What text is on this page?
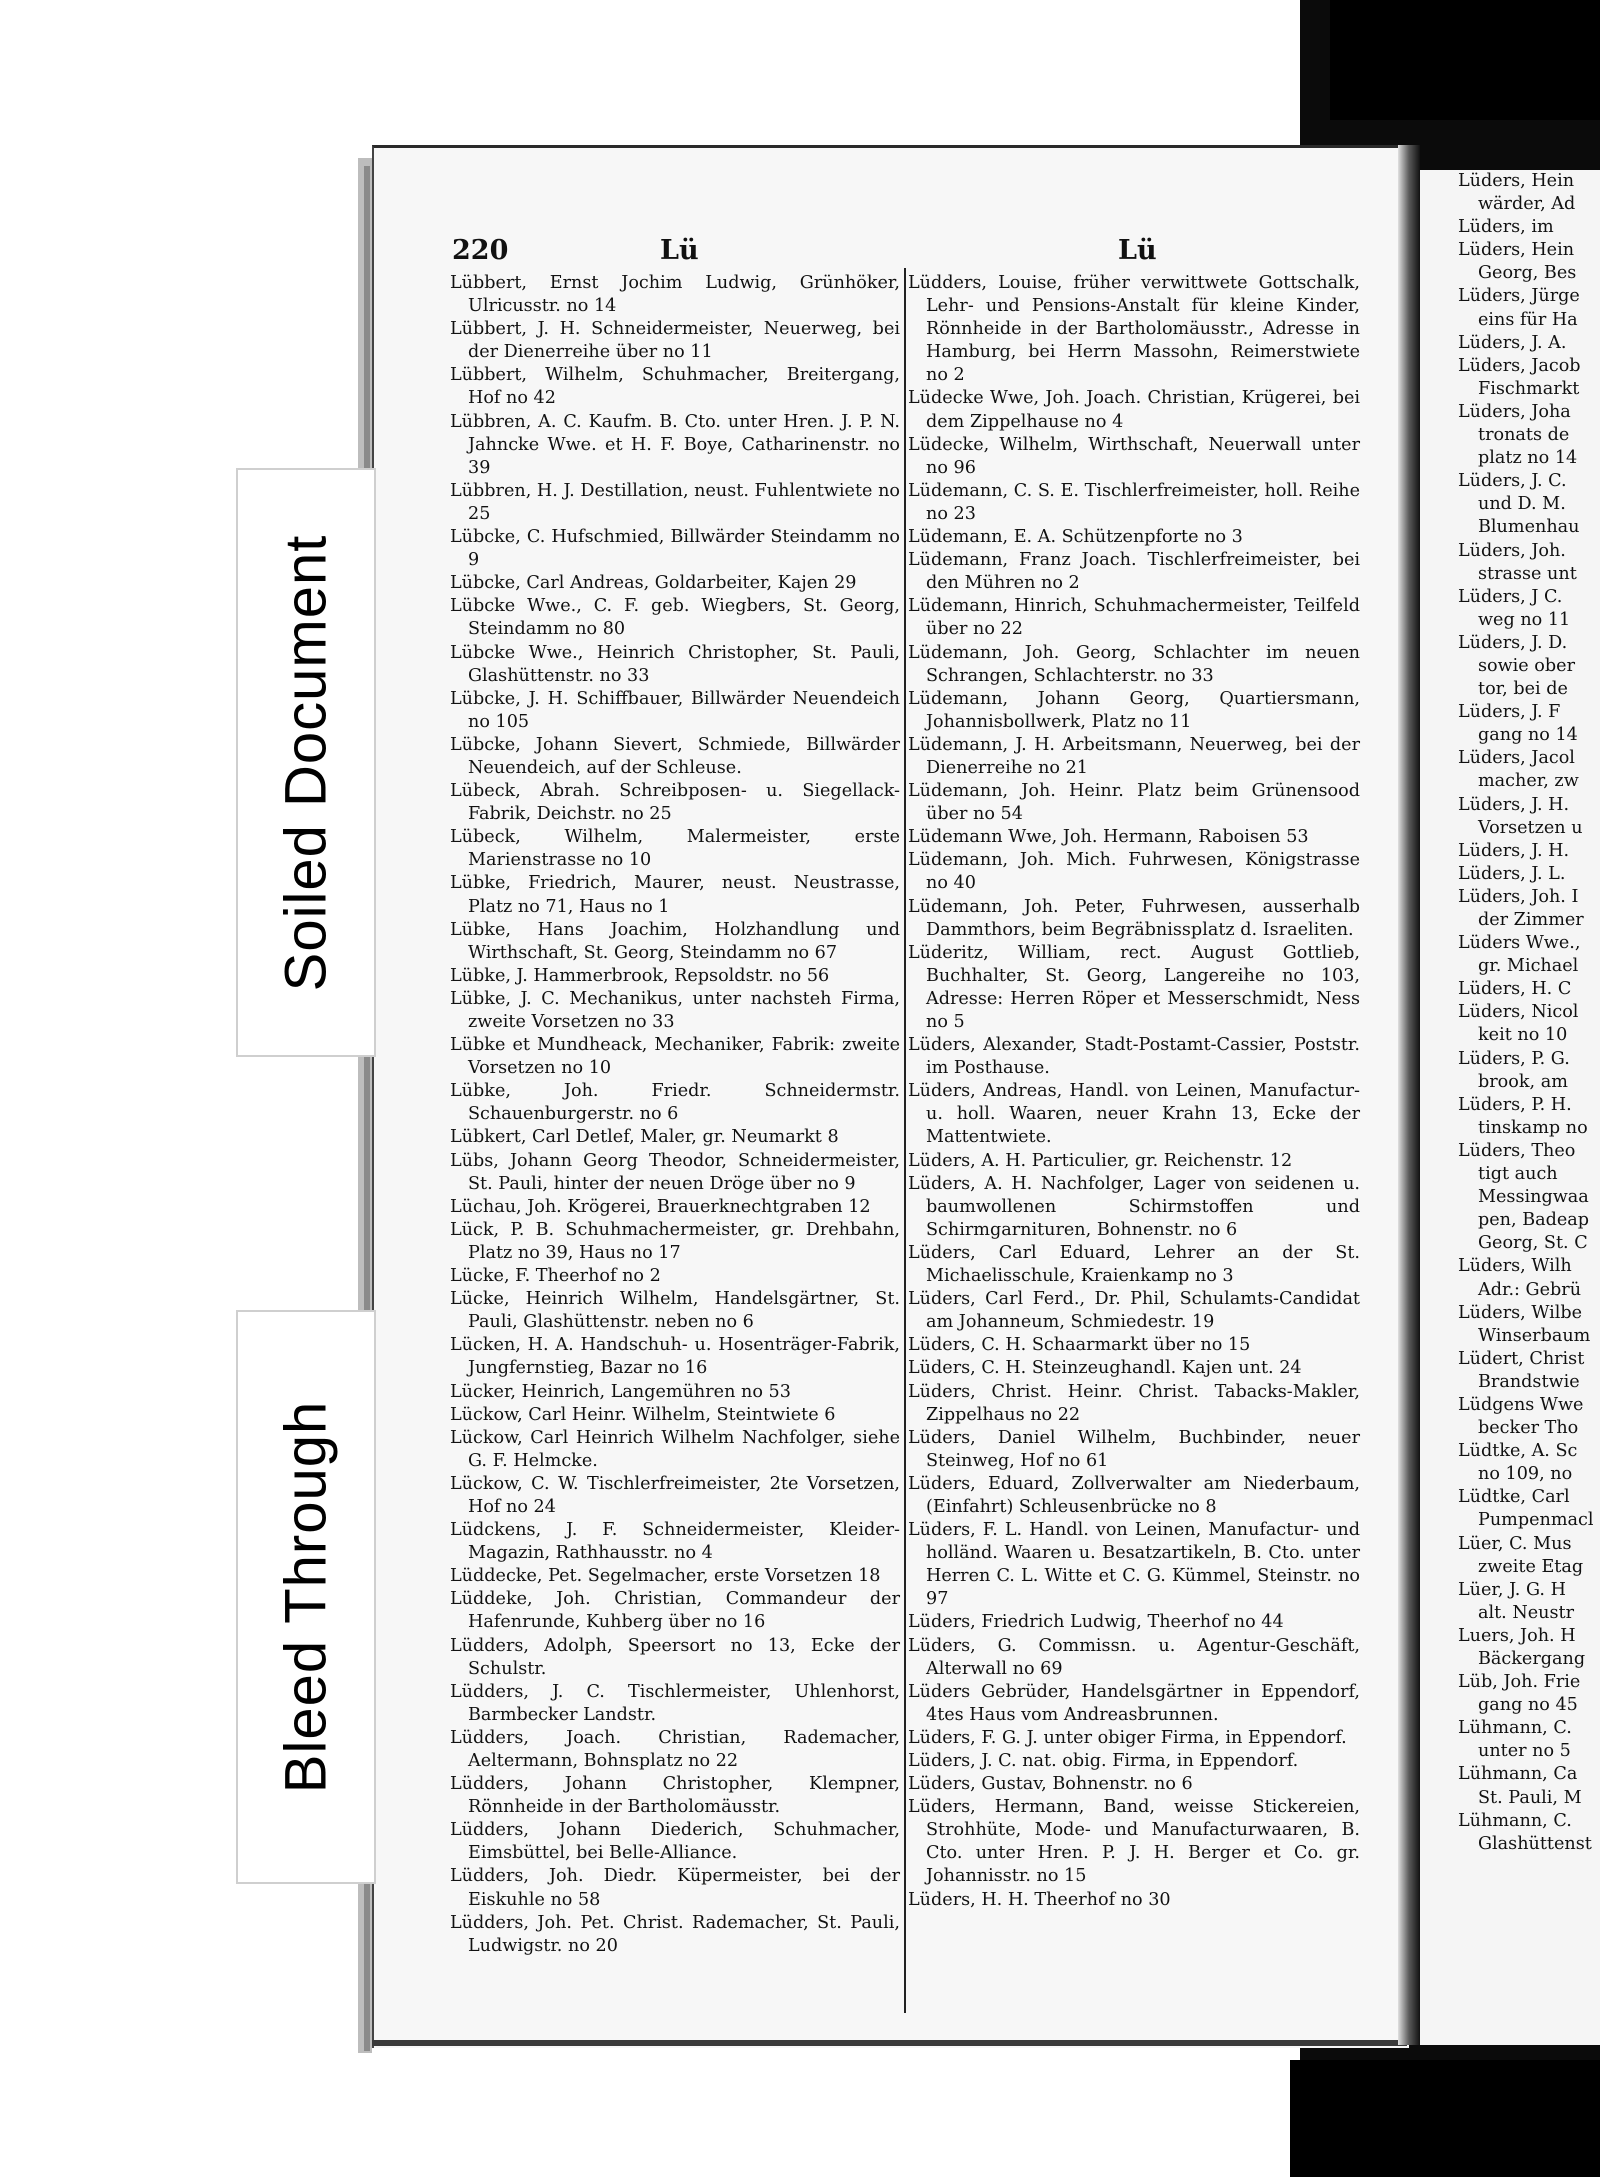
Lüders, Hein
wärder, Ad
Lüders, im
Lüders, Hein
Georg, Bes
Lüders, Jürge
eins für Ha
Lüders, J. A.
Lüders, Jacob
Fischmarkt
Lüders, Joha
tronats de
platz no 14
Lüders, J. C.
und D. M.
Blumenhau
Lüders, Joh.
strasse unt
Lüders, J C.
weg no 11
Lüders, J. D.
sowie ober
tor, bei de
Lüders, J. F
gang no 14
Lüders, Jacol
macher, zw
Lüders, J. H.
Vorsetzen u
Lüders, J. H.
Lüders, J. L.
Lüders, Joh. I
der Zimmer
Lüders Wwe.,
gr. Michael
Lüders, H. C
Lüders, Nicol
keit no 10
Lüders, P. G.
brook, am
Lüders, P. H.
tinskamp no
Lüders, Theo
tigt auch
Messingwaa
pen, Badeap
Georg, St. C
Lüders, Wilh
Adr.: Gebrü
Lüders, Wilbe
Winserbaum
Lüdert, Christ
Brandstwie
Lüdgens Wwe
becker Tho
Lüdtke, A. Sc
no 109, no
Lüdtke, Carl
Pumpenmacl
Lüer, C. Mus
zweite Etag
Lüer, J. G. H
alt. Neustr
Luers, Joh. H
Bäckergang
Lüb, Joh. Frie
gang no 45
Lühmann, C.
unter no 5
Lühmann, Ca
St. Pauli, M
Lühmann, C.
Glashüttenst
220	Lü	Lü
Lübbert, Ernst Jochim Ludwig, Grünhöker, Ulricusstr. no 14
Lübbert, J. H. Schneidermeister, Neuerweg, bei der Dienerreihe über no 11
Lübbert, Wilhelm, Schuhmacher, Breitergang, Hof no 42
Lübbren, A. C. Kaufm. B. Cto. unter Hren. J. P. N. Jahncke Wwe. et H. F. Boye, Catharinenstr. no 39
Lübbren, H. J. Destillation, neust. Fuhlentwiete no 25
Lübcke, C. Hufschmied, Billwärder Steindamm no 9
Lübcke, Carl Andreas, Goldarbeiter, Kajen 29
Lübcke Wwe., C. F. geb. Wiegbers, St. Georg, Steindamm no 80
Lübcke Wwe., Heinrich Christopher, St. Pauli, Glashüttenstr. no 33
Lübcke, J. H. Schiffbauer, Billwärder Neuendeich no 105
Lübcke, Johann Sievert, Schmiede, Billwärder Neuendeich, auf der Schleuse.
Lübeck, Abrah. Schreibposen- u. Siegellack-Fabrik, Deichstr. no 25
Lübeck, Wilhelm, Malermeister, erste Marienstrasse no 10
Lübke, Friedrich, Maurer, neust. Neustrasse, Platz no 71, Haus no 1
Lübke, Hans Joachim, Holzhandlung und Wirthschaft, St. Georg, Steindamm no 67
Lübke, J. Hammerbrook, Repsoldstr. no 56
Lübke, J. C. Mechanikus, unter nachsteh Firma, zweite Vorsetzen no 33
Lübke et Mundheack, Mechaniker, Fabrik: zweite Vorsetzen no 10
Lübke, Joh. Friedr. Schneidermstr. Schauenburgerstr. no 6
Lübkert, Carl Detlef, Maler, gr. Neumarkt 8
Lübs, Johann Georg Theodor, Schneidermeister, St. Pauli, hinter der neuen Dröge über no 9
Lüchau, Joh. Krögerei, Brauerknechtgraben 12
Lück, P. B. Schuhmachermeister, gr. Drehbahn, Platz no 39, Haus no 17
Lücke, F. Theerhof no 2
Lücke, Heinrich Wilhelm, Handelsgärtner, St. Pauli, Glashüttenstr. neben no 6
Lücken, H. A. Handschuh- u. Hosenträger-Fabrik, Jungfernstieg, Bazar no 16
Lücker, Heinrich, Langemühren no 53
Lückow, Carl Heinr. Wilhelm, Steintwiete 6
Lückow, Carl Heinrich Wilhelm Nachfolger, siehe G. F. Helmcke.
Lückow, C. W. Tischlerfreimeister, 2te Vorsetzen, Hof no 24
Lüdckens, J. F. Schneidermeister, Kleider-Magazin, Rathhausstr. no 4
Lüddecke, Pet. Segelmacher, erste Vorsetzen 18
Lüddeke, Joh. Christian, Commandeur der Hafenrunde, Kuhberg über no 16
Lüdders, Adolph, Speersort no 13, Ecke der Schulstr.
Lüdders, J. C. Tischlermeister, Uhlenhorst, Barmbecker Landstr.
Lüdders, Joach. Christian, Rademacher, Aeltermann, Bohnsplatz no 22
Lüdders, Johann Christopher, Klempner, Rönnheide in der Bartholomäusstr.
Lüdders, Johann Diederich, Schuhmacher, Eimsbüttel, bei Belle-Alliance.
Lüdders, Joh. Diedr. Küpermeister, bei der Eiskuhle no 58
Lüdders, Joh. Pet. Christ. Rademacher, St. Pauli, Ludwigstr. no 20
Lüdders, Louise, früher verwittwete Gottschalk, Lehr- und Pensions-Anstalt für kleine Kinder, Rönnheide in der Bartholomäusstr., Adresse in Hamburg, bei Herrn Massohn, Reimerstwiete no 2
Lüdecke Wwe, Joh. Joach. Christian, Krügerei, bei dem Zippelhause no 4
Lüdecke, Wilhelm, Wirthschaft, Neuerwall unter no 96
Lüdemann, C. S. E. Tischlerfreimeister, holl. Reihe no 23
Lüdemann, E. A. Schützenpforte no 3
Lüdemann, Franz Joach. Tischlerfreimeister, bei den Mühren no 2
Lüdemann, Hinrich, Schuhmachermeister, Teilfeld über no 22
Lüdemann, Joh. Georg, Schlachter im neuen Schrangen, Schlachterstr. no 33
Lüdemann, Johann Georg, Quartiersmann, Johannisbollwerk, Platz no 11
Lüdemann, J. H. Arbeitsmann, Neuerweg, bei der Dienerreihe no 21
Lüdemann, Joh. Heinr. Platz beim Grünensood über no 54
Lüdemann Wwe, Joh. Hermann, Raboisen 53
Lüdemann, Joh. Mich. Fuhrwesen, Königstrasse no 40
Lüdemann, Joh. Peter, Fuhrwesen, ausserhalb Dammthors, beim Begräbnissplatz d. Israeliten.
Lüderitz, William, rect. August Gottlieb, Buchhalter, St. Georg, Langereihe no 103, Adresse: Herren Röper et Messerschmidt, Ness no 5
Lüders, Alexander, Stadt-Postamt-Cassier, Poststr. im Posthause.
Lüders, Andreas, Handl. von Leinen, Manufactur- u. holl. Waaren, neuer Krahn 13, Ecke der Mattentwiete.
Lüders, A. H. Particulier, gr. Reichenstr. 12
Lüders, A. H. Nachfolger, Lager von seidenen u. baumwollenen Schirmstoffen und Schirmgarnituren, Bohnenstr. no 6
Lüders, Carl Eduard, Lehrer an der St. Michaelisschule, Kraienkamp no 3
Lüders, Carl Ferd., Dr. Phil, Schulamts-Candidat am Johanneum, Schmiedestr. 19
Lüders, C. H. Schaarmarkt über no 15
Lüders, C. H. Steinzeughandl. Kajen unt. 24
Lüders, Christ. Heinr. Christ. Tabacks-Makler, Zippelhaus no 22
Lüders, Daniel Wilhelm, Buchbinder, neuer Steinweg, Hof no 61
Lüders, Eduard, Zollverwalter am Niederbaum, (Einfahrt) Schleusenbrücke no 8
Lüders, F. L. Handl. von Leinen, Manufactur- und holländ. Waaren u. Besatzartikeln, B. Cto. unter Herren C. L. Witte et C. G. Kümmel, Steinstr. no 97
Lüders, Friedrich Ludwig, Theerhof no 44
Lüders, G. Commissn. u. Agentur-Geschäft, Alterwall no 69
Lüders Gebrüder, Handelsgärtner in Eppendorf, 4tes Haus vom Andreasbrunnen.
Lüders, F. G. J. unter obiger Firma, in Eppendorf.
Lüders, J. C. nat. obig. Firma, in Eppendorf.
Lüders, Gustav, Bohnenstr. no 6
Lüders, Hermann, Band, weisse Stickereien, Strohhüte, Mode- und Manufacturwaaren, B. Cto. unter Hren. P. J. H. Berger et Co. gr. Johannisstr. no 15
Lüders, H. H. Theerhof no 30
Soiled Document
Bleed Through
